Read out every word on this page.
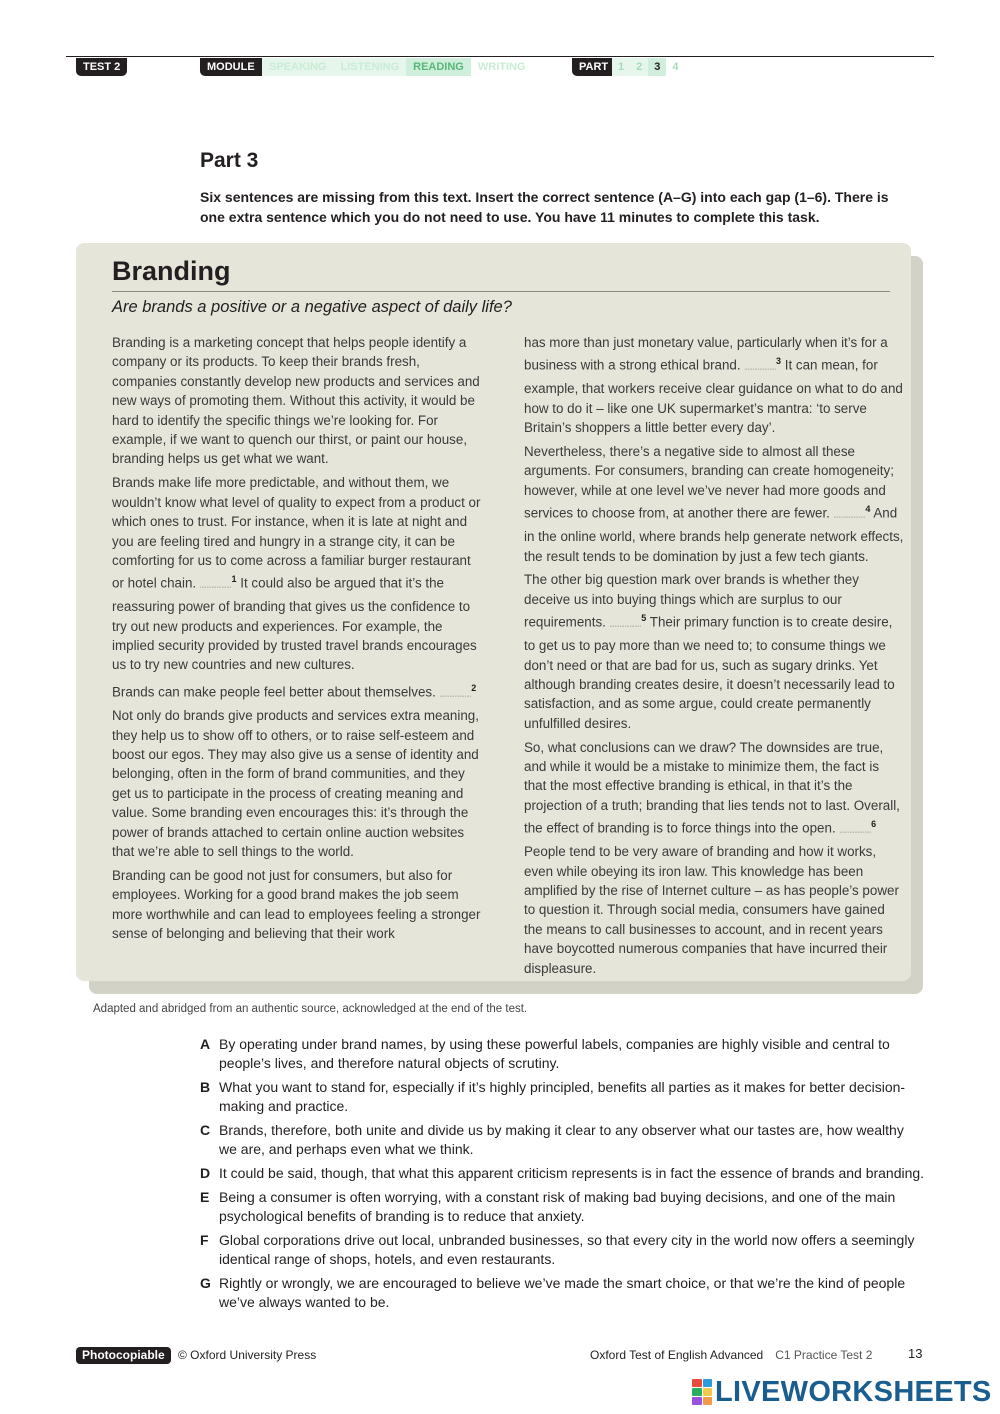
TEST 2	MODULE	SPEAKING	LISTENING	READING	WRITING	PART 1	2	3	4
Part 3
Six sentences are missing from this text. Insert the correct sentence (A–G) into each gap (1–6). There is one extra sentence which you do not need to use. You have 11 minutes to complete this task.
Branding
Are brands a positive or a negative aspect of daily life?

Branding is a marketing concept that helps people identify a company or its products. To keep their brands fresh, companies constantly develop new products and services and new ways of promoting them. Without this activity, it would be hard to identify the specific things we’re looking for. For example, if we want to quench our thirst, or paint our house, branding helps us get what we want.

Brands make life more predictable, and without them, we wouldn’t know what level of quality to expect from a product or which ones to trust. For instance, when it is late at night and you are feeling tired and hungry in a strange city, it can be comforting for us to come across a familiar burger restaurant or hotel chain. ...................$^1$ It could also be argued that it’s the reassuring power of branding that gives us the confidence to try out new products and experiences. For example, the implied security provided by trusted travel brands encourages us to try new countries and new cultures.

Brands can make people feel better about themselves. ...................$^2$ Not only do brands give products and services extra meaning, they help us to show off to others, or to raise self-esteem and boost our egos. They may also give us a sense of identity and belonging, often in the form of brand communities, and they get us to participate in the process of creating meaning and value. Some branding even encourages this: it’s through the power of brands attached to certain online auction websites that we’re able to sell things to the world.

Branding can be good not just for consumers, but also for employees. Working for a good brand makes the job seem more worthwhile and can lead to employees feeling a stronger sense of belonging and believing that their work

has more than just monetary value, particularly when it’s for a business with a strong ethical brand. ...................$^3$ It can mean, for example, that workers receive clear guidance on what to do and how to do it – like one UK supermarket’s mantra: ‘to serve Britain’s shoppers a little better every day’.

Nevertheless, there’s a negative side to almost all these arguments. For consumers, branding can create homogeneity; however, while at one level we’ve never had more goods and services to choose from, at another there are fewer. ...................$^4$ And in the online world, where brands help generate network effects, the result tends to be domination by just a few tech giants.

The other big question mark over brands is whether they deceive us into buying things which are surplus to our requirements. ...................$^5$ Their primary function is to create desire, to get us to pay more than we need to; to consume things we don’t need or that are bad for us, such as sugary drinks. Yet although branding creates desire, it doesn’t necessarily lead to satisfaction, and as some argue, could create permanently unfulfilled desires.

So, what conclusions can we draw? The downsides are true, and while it would be a mistake to minimize them, the fact is that the most effective branding is ethical, in that it’s the projection of a truth; branding that lies tends not to last. Overall, the effect of branding is to force things into the open. ...................$^6$ People tend to be very aware of branding and how it works, even while obeying its iron law. This knowledge has been amplified by the rise of Internet culture – as has people’s power to question it. Through social media, consumers have gained the means to call businesses to account, and in recent years have boycotted numerous companies that have incurred their displeasure.

Adapted and abridged from an authentic source, acknowledged at the end of the test.
A By operating under brand names, by using these powerful labels, companies are highly visible and central to people’s lives, and therefore natural objects of scrutiny.
B What you want to stand for, especially if it’s highly principled, benefits all parties as it makes for better decision-making and practice.
C Brands, therefore, both unite and divide us by making it clear to any observer what our tastes are, how wealthy we are, and perhaps even what we think.
D It could be said, though, that what this apparent criticism represents is in fact the essence of brands and branding.
E Being a consumer is often worrying, with a constant risk of making bad buying decisions, and one of the main psychological benefits of branding is to reduce that anxiety.
F Global corporations drive out local, unbranded businesses, so that every city in the world now offers a seemingly identical range of shops, hotels, and even restaurants.
G Rightly or wrongly, we are encouraged to believe we’ve made the smart choice, or that we’re the kind of people we’ve always wanted to be.
Photocopiable	© Oxford University Press	Oxford Test of English Advanced C1 Practice Test 2	13
LIVEWORKSHEETS
